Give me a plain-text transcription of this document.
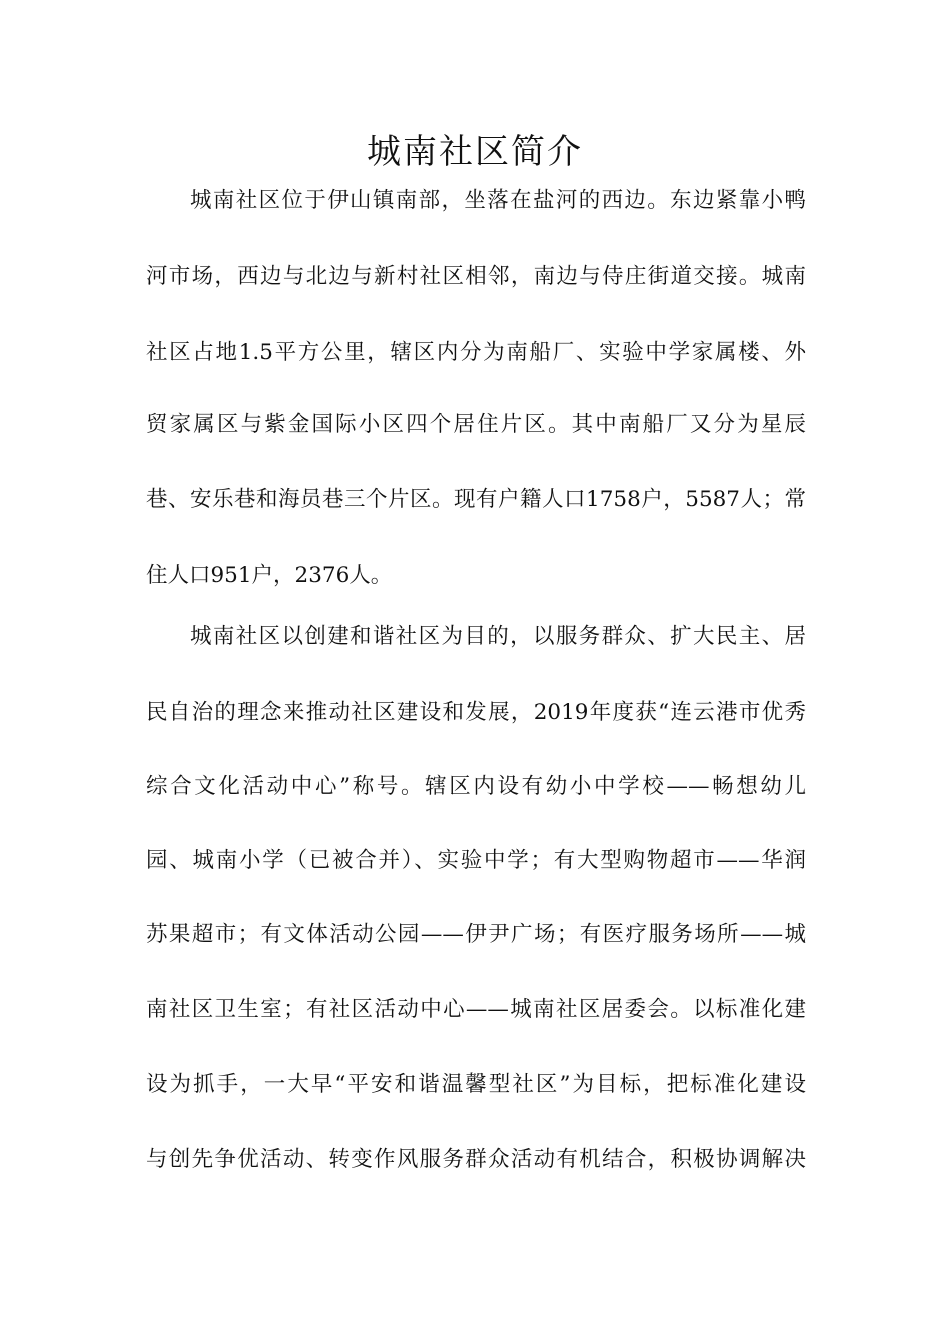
城南社区简介

城南社区位于伊山镇南部，坐落在盐河的西边。东边紧靠小鸭

河市场，西边与北边与新村社区相邻，南边与侍庄街道交接。城南

社区占地1.5平方公里，辖区内分为南船厂、实验中学家属楼、外

贸家属区与紫金国际小区四个居住片区。其中南船厂又分为星辰

巷、安乐巷和海员巷三个片区。现有户籍人口1758户，5587人；常

住人口951户，2376人。

城南社区以创建和谐社区为目的，以服务群众、扩大民主、居

民自治的理念来推动社区建设和发展，2019年度获“连云港市优秀

综合文化活动中心”称号。辖区内设有幼小中学校——畅想幼儿

园、城南小学（已被合并）、实验中学；有大型购物超市——华润

苏果超市；有文体活动公园——伊尹广场；有医疗服务场所——城

南社区卫生室；有社区活动中心——城南社区居委会。以标准化建

设为抓手，一大早“平安和谐温馨型社区”为目标，把标准化建设

与创先争优活动、转变作风服务群众活动有机结合，积极协调解决
